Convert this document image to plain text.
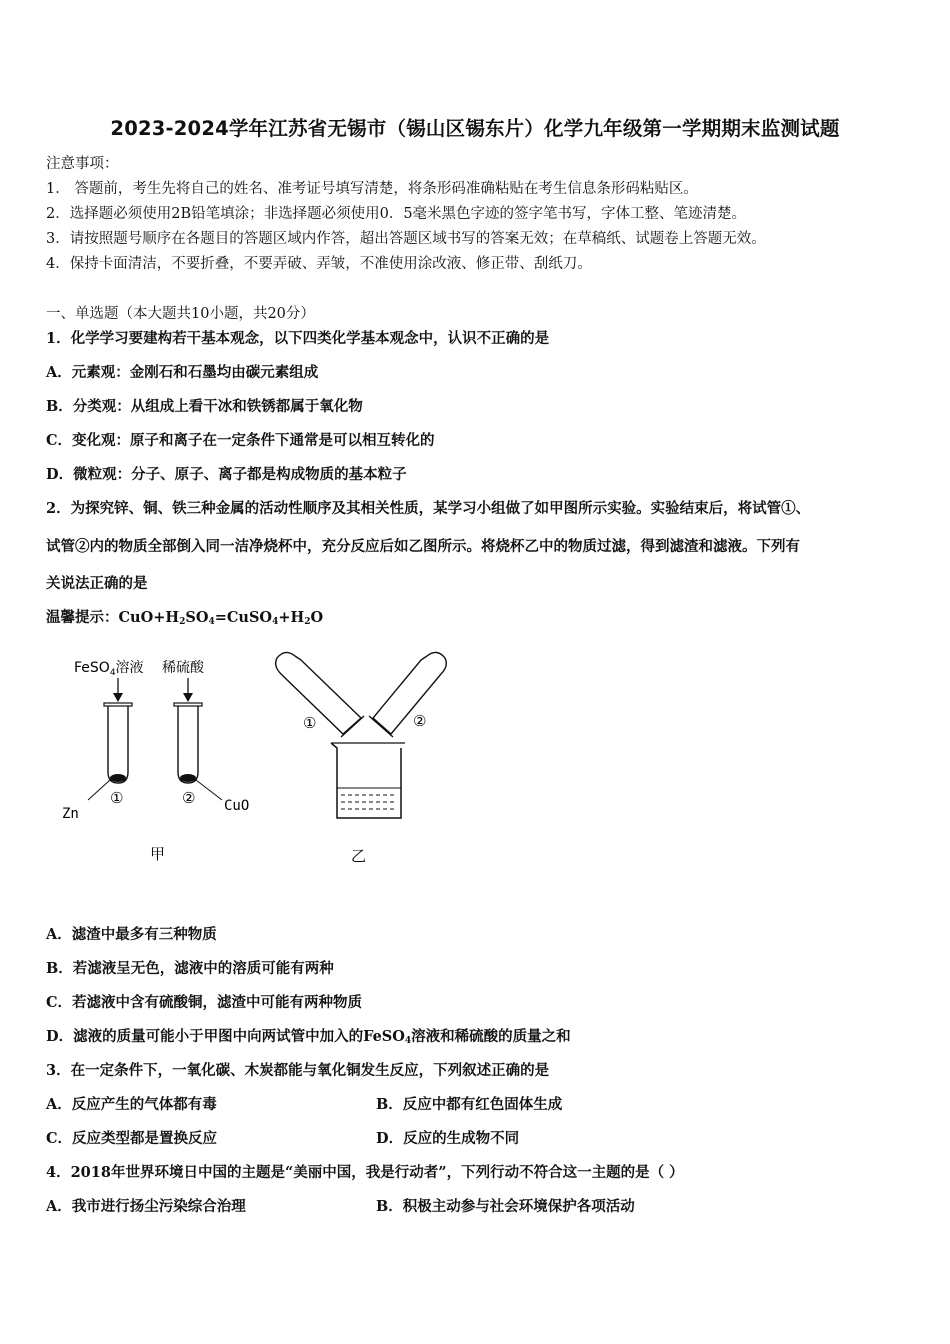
2023-2024学年江苏省无锡市（锡山区锡东片）化学九年级第一学期期末监测试题
注意事项：
1． 答题前，考生先将自己的姓名、准考证号填写清楚，将条形码准确粘贴在考生信息条形码粘贴区。
2．选择题必须使用2B铅笔填涂；非选择题必须使用0．5毫米黑色字迹的签字笔书写，字体工整、笔迹清楚。
3．请按照题号顺序在各题目的答题区域内作答，超出答题区域书写的答案无效；在草稿纸、试题卷上答题无效。
4．保持卡面清洁，不要折叠，不要弄破、弄皱，不准使用涂改液、修正带、刮纸刀。
一、单选题（本大题共10小题，共20分）
1．化学学习要建构若干基本观念，以下四类化学基本观念中，认识不正确的是
A．元素观：金刚石和石墨均由碳元素组成
B．分类观：从组成上看干冰和铁锈都属于氧化物
C．变化观：原子和离子在一定条件下通常是可以相互转化的
D．微粒观：分子、原子、离子都是构成物质的基本粒子
2．为探究锌、铜、铁三种金属的活动性顺序及其相关性质，某学习小组做了如甲图所示实验。实验结束后，将试管①、
试管②内的物质全部倒入同一洁净烧杯中，充分反应后如乙图所示。将烧杯乙中的物质过滤，得到滤渣和滤液。下列有
关说法正确的是
温馨提示：$CuO+H_2SO_4=CuSO_4+H_2O$
FeSO$_4$溶液 稀硫酸
Zn
①	② CuO
甲
①	②
乙
A．滤渣中最多有三种物质
B．若滤液呈无色，滤液中的溶质可能有两种
C．若滤液中含有硫酸铜，滤渣中可能有两种物质
D．滤液的质量可能小于甲图中向两试管中加入的FeSO$_4$溶液和稀硫酸的质量之和
3．在一定条件下，一氧化碳、木炭都能与氧化铜发生反应，下列叙述正确的是
A．反应产生的气体都有毒	B．反应中都有红色固体生成
C．反应类型都是置换反应	D．反应的生成物不同
4．2018年世界环境日中国的主题是“美丽中国，我是行动者”，下列行动不符合这一主题的是（ ）
A．我市进行扬尘污染综合治理	B．积极主动参与社会环境保护各项活动
